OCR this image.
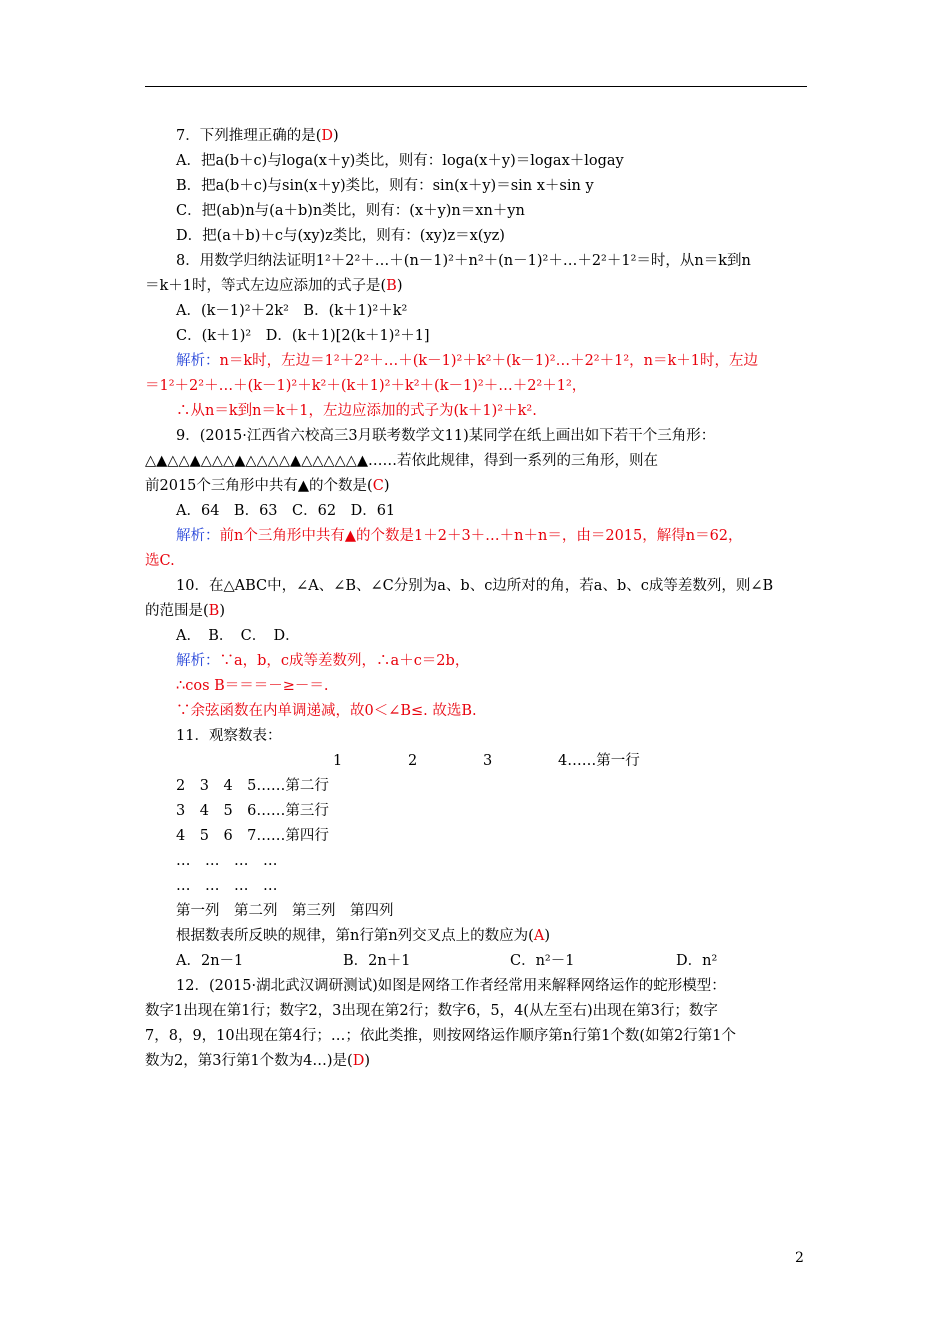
7．下列推理正确的是(D)
A．把a(b＋c)与loga(x＋y)类比，则有：loga(x＋y)＝logax＋logay
B．把a(b＋c)与sin(x＋y)类比，则有：sin(x＋y)＝sin x＋sin y
C．把(ab)n与(a＋b)n类比，则有：(x＋y)n＝xn＋yn
D．把(a＋b)＋c与(xy)z类比，则有：(xy)z＝x(yz)
8．用数学归纳法证明1²＋2²＋…＋(n－1)²＋n²＋(n－1)²＋…＋2²＋1²＝时，从n＝k到n
＝k＋1时，等式左边应添加的式子是(B)
A．(k－1)²＋2k²　B．(k＋1)²＋k²
C．(k＋1)²　D．(k＋1)[2(k＋1)²＋1]
解析：n＝k时，左边＝1²＋2²＋…＋(k－1)²＋k²＋(k－1)²…＋2²＋1²，n＝k＋1时，左边
＝1²＋2²＋…＋(k－1)²＋k²＋(k＋1)²＋k²＋(k－1)²＋…＋2²＋1²，
∴从n＝k到n＝k＋1，左边应添加的式子为(k＋1)²＋k².
9．(2015·江西省六校高三3月联考数学文11)某同学在纸上画出如下若干个三角形：
△▲△△▲△△△▲△△△△▲△△△△△▲……若依此规律，得到一系列的三角形，则在
前2015个三角形中共有▲的个数是(C)
A．64　B．63　C．62　D．61
解析：前n个三角形中共有▲的个数是1＋2＋3＋…＋n＋n＝，由＝2015，解得n＝62，
选C.
10．在△ABC中，∠A、∠B、∠C分别为a、b、c边所对的角，若a、b、c成等差数列，则∠B
的范围是(B)
A．　B．　C．　D．
解析：∵a，b，c成等差数列，∴a＋c＝2b，
∴cos B＝＝＝－≥－＝.
∵余弦函数在内单调递减，故0＜∠B≤. 故选B.
11．观察数表：
根据数表所反映的规律，第n行第n列交叉点上的数应为(A)
12．(2015·湖北武汉调研测试)如图是网络工作者经常用来解释网络运作的蛇形模型：
数字1出现在第1行；数字2，3出现在第2行；数字6，5，4(从左至右)出现在第3行；数字
7，8，9，10出现在第4行；…；依此类推，则按网络运作顺序第n行第1个数(如第2行第1个
数为2，第3行第1个数为4…)是(D)
1	2	3	4……第一行
2　3　4　5……第二行
3　4　5　6……第三行
4　5　6　7……第四行
…　…　…　…
…　…　…　…
第一列　第二列　第三列　第四列
A．2n－1	B．2n＋1	C．n²－1	D．n²
2
